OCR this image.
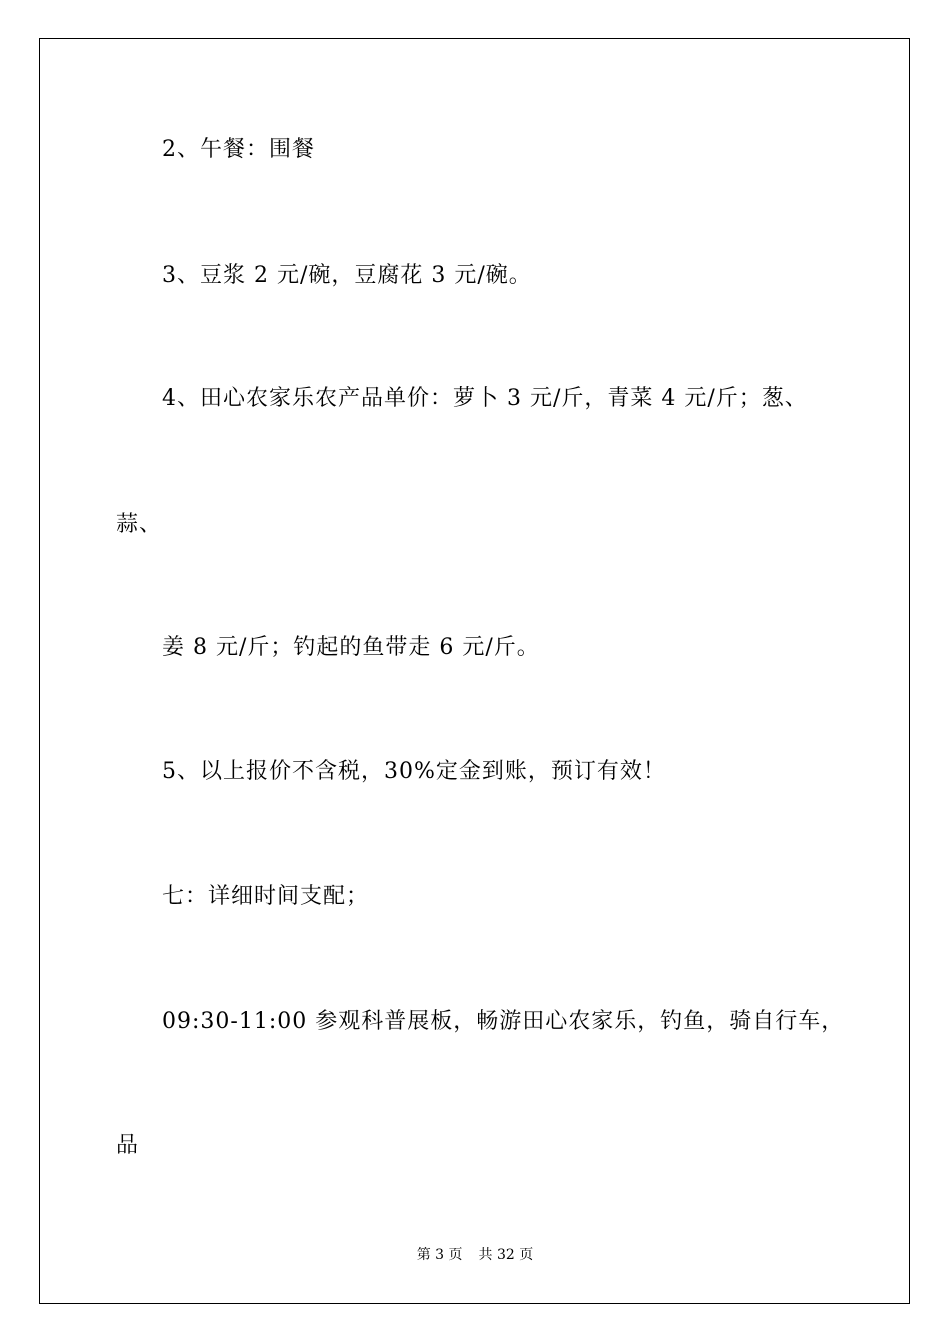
2、午餐：围餐
3、豆浆 2 元/碗，豆腐花 3 元/碗。
4、田心农家乐农产品单价：萝卜 3 元/斤，青菜 4 元/斤；葱、
蒜、
姜 8 元/斤；钓起的鱼带走 6 元/斤。
5、以上报价不含税，30%定金到账，预订有效！
七：详细时间支配；
09:30-11:00 参观科普展板，畅游田心农家乐，钓鱼，骑自行车，
品
第 3 页 共 32 页
